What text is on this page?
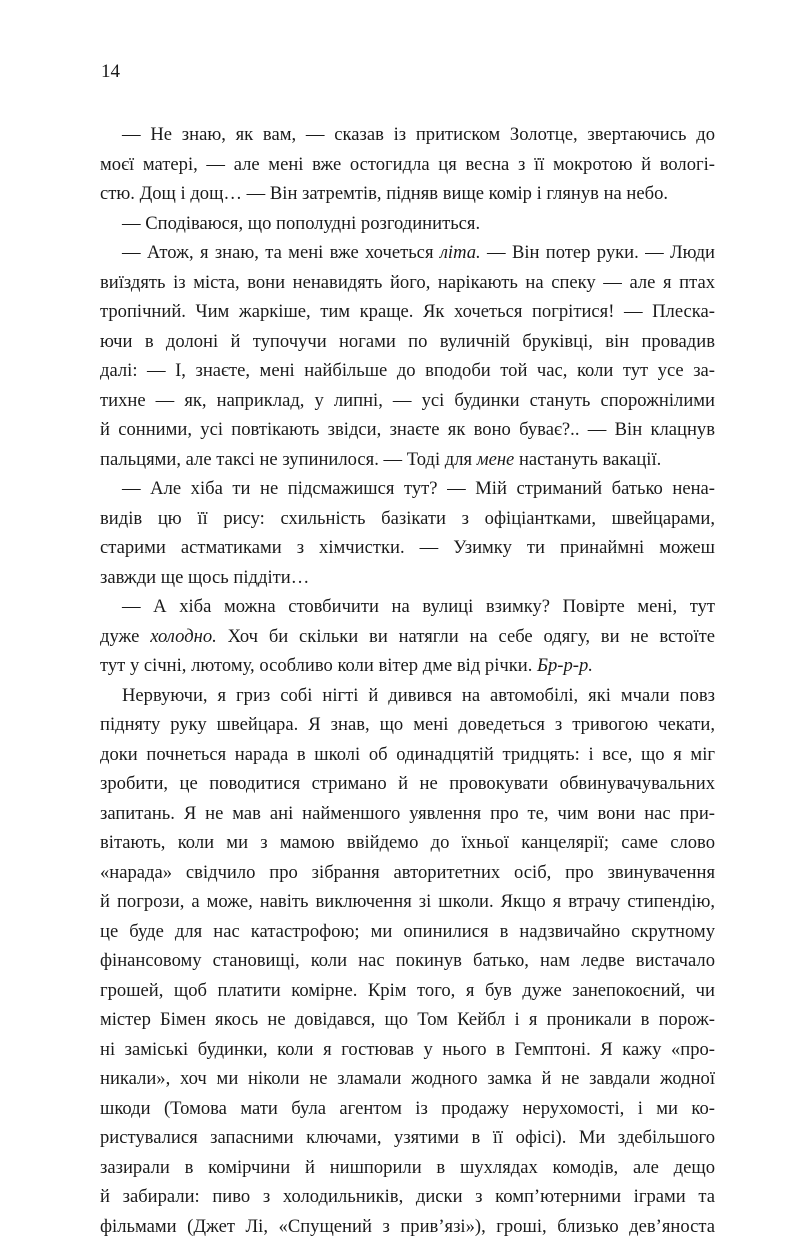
14
— Не знаю, як вам, — сказав із притиском Золотце, звертаючись до
моєї матері, — але мені вже остогидла ця весна з її мокротою й вологі-
стю. Дощ і дощ… — Він затремтів, підняв вище комір і глянув на небо.
— Сподіваюся, що пополудні розгодиниться.
— Атож, я знаю, та мені вже хочеться літа. — Він потер руки. — Люди
виїздять із міста, вони ненавидять його, нарікають на спеку — але я птах
тропічний. Чим жаркіше, тим краще. Як хочеться погрітися! — Плеска-
ючи в долоні й тупочучи ногами по вуличній бруківці, він провадив
далі: — І, знаєте, мені найбільше до вподоби той час, коли тут усе за-
тихне — як, наприклад, у липні, — усі будинки стануть спорожнілими
й сонними, усі повтікають звідси, знаєте як воно буває?.. — Він клацнув
пальцями, але таксі не зупинилося. — Тоді для мене настануть вакації.
— Але хіба ти не підсмажишся тут? — Мій стриманий батько нена-
видів цю її рису: схильність базікати з офіціантками, швейцарами,
старими астматиками з хімчистки. — Узимку ти принаймні можеш
завжди ще щось піддіти…
— А хіба можна стовбичити на вулиці взимку? Повірте мені, тут
дуже холодно. Хоч би скільки ви натягли на себе одягу, ви не встоїте
тут у січні, лютому, особливо коли вітер дме від річки. Бр-р-р.
Нервуючи, я гриз собі нігті й дивився на автомобілі, які мчали повз
підняту руку швейцара. Я знав, що мені доведеться з тривогою чекати,
доки почнеться нарада в школі об одинадцятій тридцять: і все, що я міг
зробити, це поводитися стримано й не провокувати обвинувачувальних
запитань. Я не мав ані найменшого уявлення про те, чим вони нас при-
вітають, коли ми з мамою ввійдемо до їхньої канцелярії; саме слово
«нарада» свідчило про зібрання авторитетних осіб, про звинувачення
й погрози, а може, навіть виключення зі школи. Якщо я втрачу стипендію,
це буде для нас катастрофою; ми опинилися в надзвичайно скрутному
фінансовому становищі, коли нас покинув батько, нам ледве вистачало
грошей, щоб платити комірне. Крім того, я був дуже занепокоєний, чи
містер Бімен якось не довідався, що Том Кейбл і я проникали в порож-
ні заміські будинки, коли я гостював у нього в Гемптоні. Я кажу «про-
никали», хоч ми ніколи не зламали жодного замка й не завдали жодної
шкоди (Томова мати була агентом із продажу нерухомості, і ми ко-
ристувалися запасними ключами, узятими в її офісі). Ми здебільшого
зазирали в комірчини й нишпорили в шухлядах комодів, але дещо
й забирали: пиво з холодильників, диски з комп’ютерними іграми та
фільмами (Джет Лі, «Спущений з прив’язі»), гроші, близько дев’яноста
